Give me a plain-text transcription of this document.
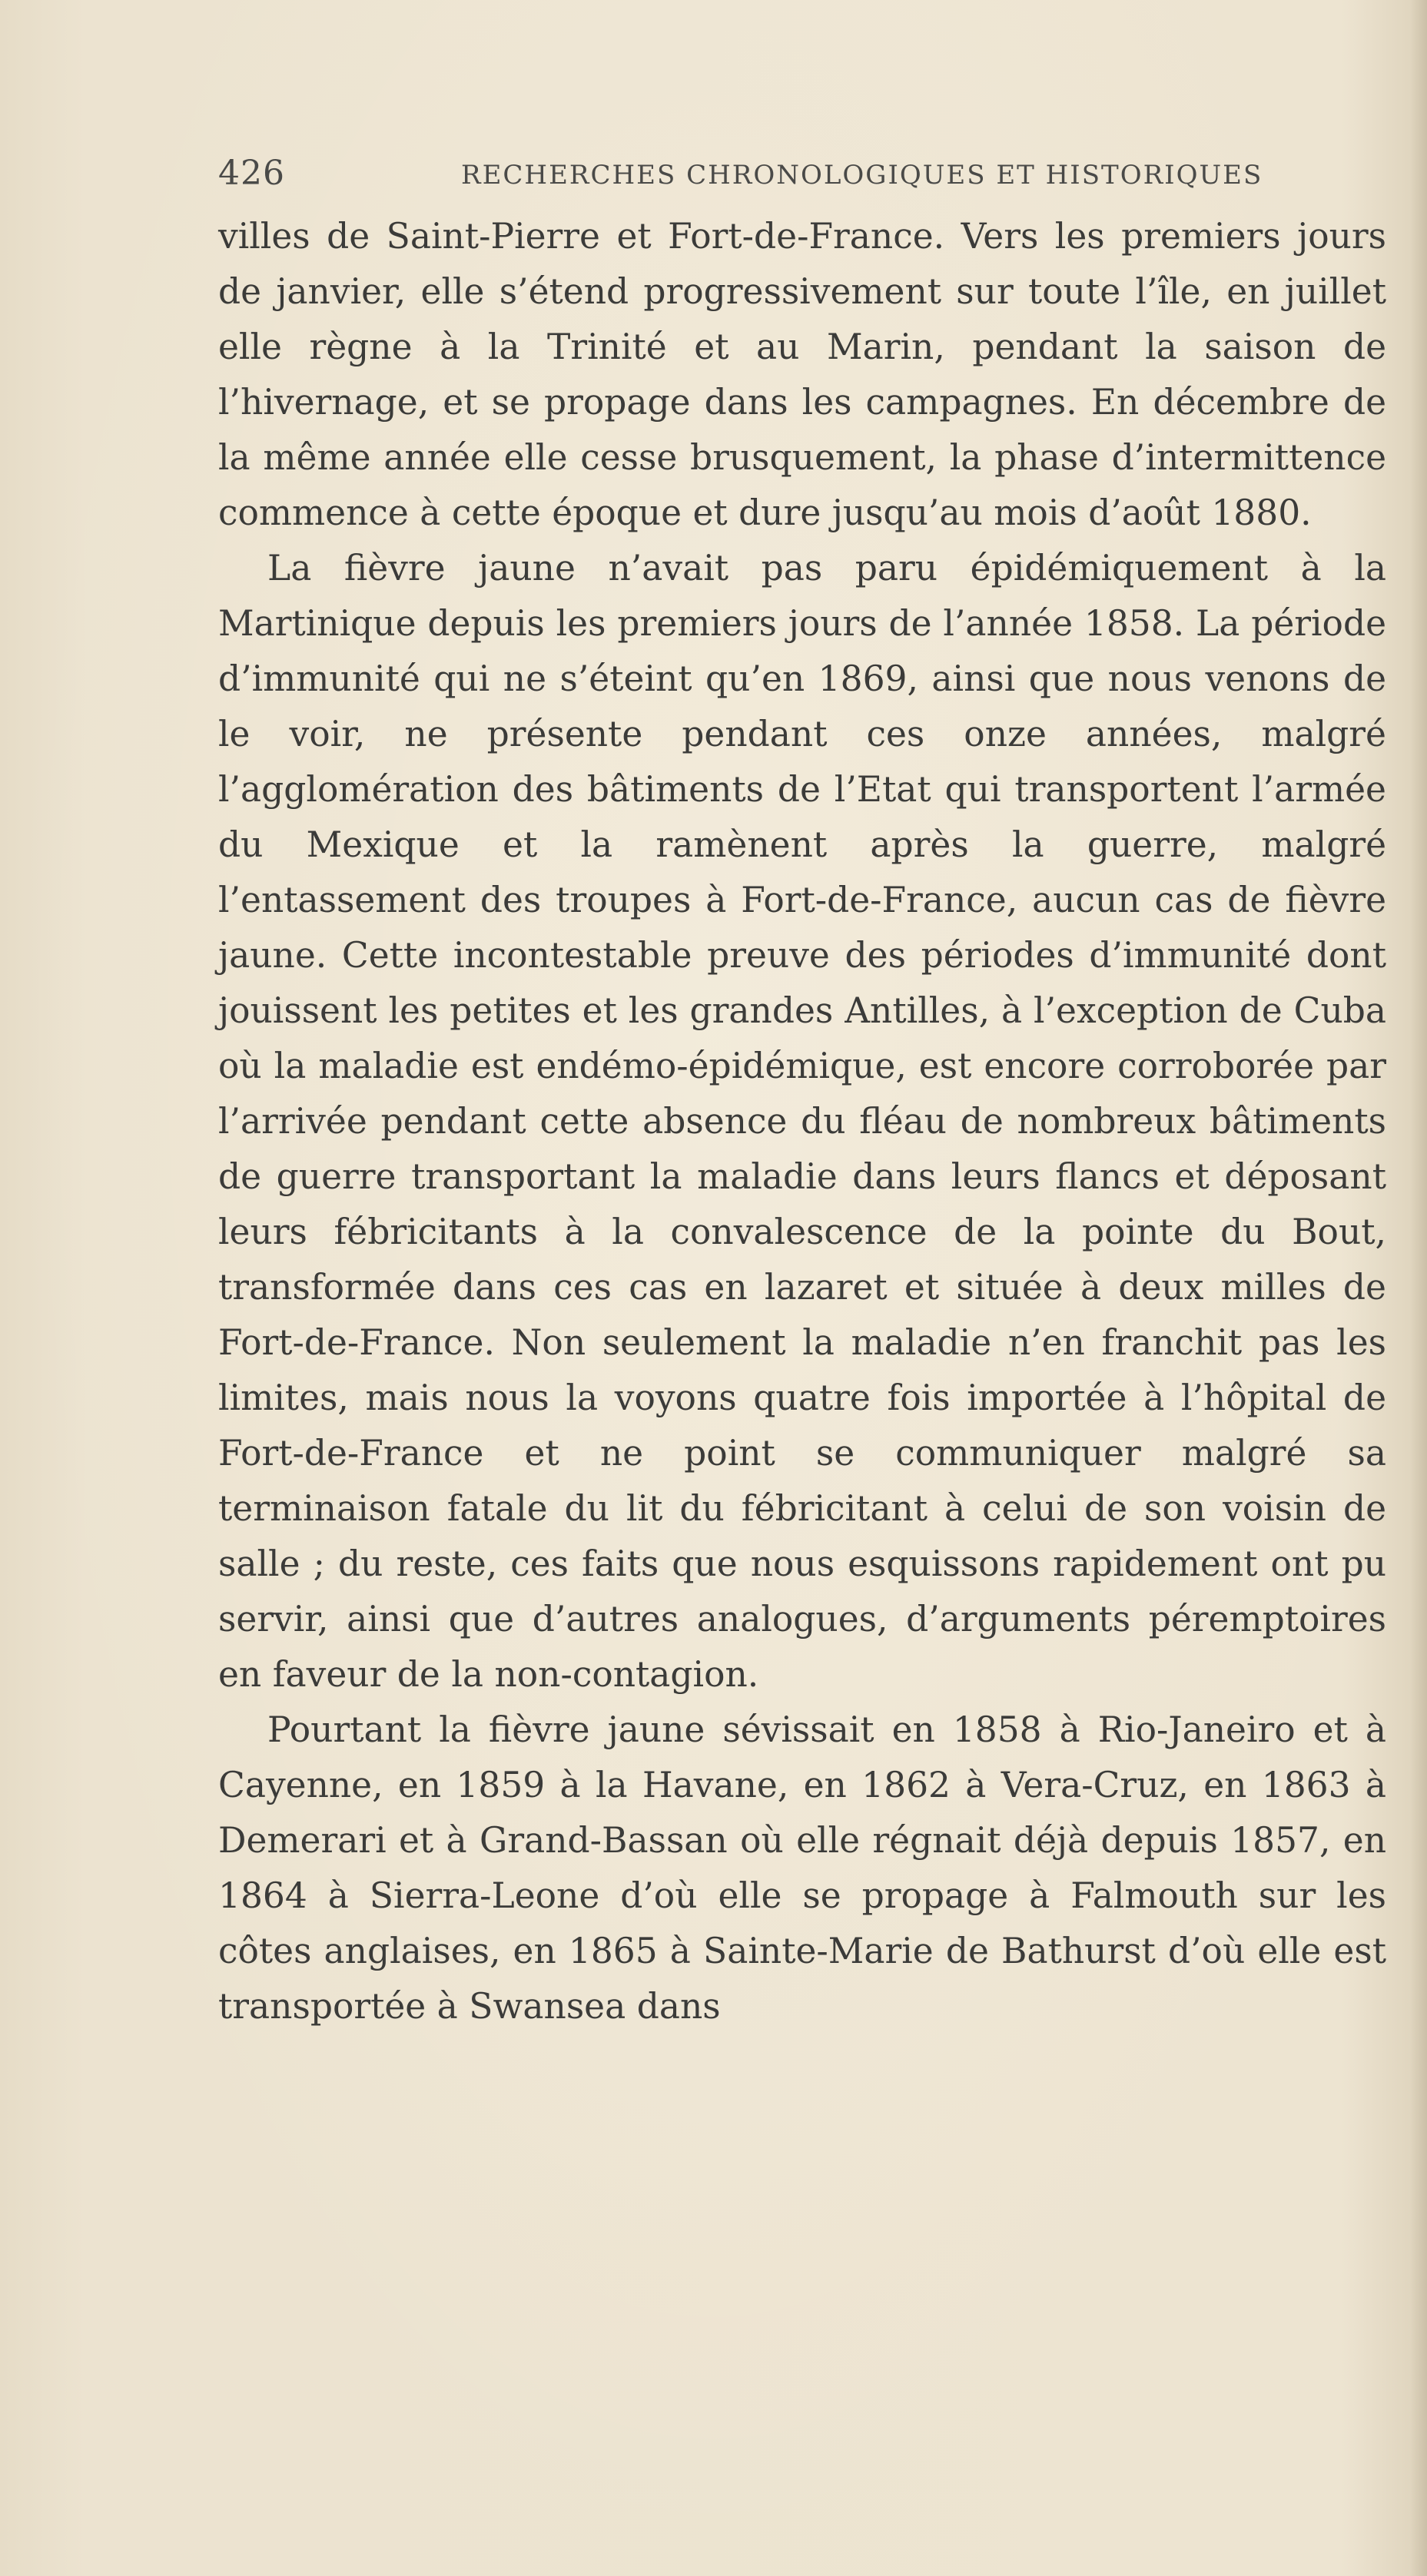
426	RECHERCHES CHRONOLOGIQUES ET HISTORIQUES

villes de Saint-Pierre et Fort-de-France. Vers les premiers jours de janvier, elle s’étend progressivement sur toute l’île, en juillet elle règne à la Trinité et au Marin, pendant la saison de l’hivernage, et se propage dans les campagnes. En décembre de la même année elle cesse brusquement, la phase d’intermittence commence à cette époque et dure jusqu’au mois d’août 1880.

La fièvre jaune n’avait pas paru épidémiquement à la Martinique depuis les premiers jours de l’année 1858. La période d’immunité qui ne s’éteint qu’en 1869, ainsi que nous venons de le voir, ne présente pendant ces onze années, malgré l’agglomération des bâtiments de l’Etat qui transportent l’armée du Mexique et la ramènent après la guerre, malgré l’entassement des troupes à Fort-de-France, aucun cas de fièvre jaune. Cette incontestable preuve des périodes d’immunité dont jouissent les petites et les grandes Antilles, à l’exception de Cuba où la maladie est endémo-épidémique, est encore corroborée par l’arrivée pendant cette absence du fléau de nombreux bâtiments de guerre transportant la maladie dans leurs flancs et déposant leurs fébricitants à la convalescence de la pointe du Bout, transformée dans ces cas en lazaret et située à deux milles de Fort-de-France. Non seulement la maladie n’en franchit pas les limites, mais nous la voyons quatre fois importée à l’hôpital de Fort-de-France et ne point se communiquer malgré sa terminaison fatale du lit du fébricitant à celui de son voisin de salle ; du reste, ces faits que nous esquissons rapidement ont pu servir, ainsi que d’autres analogues, d’arguments péremptoires en faveur de la non-contagion.

Pourtant la fièvre jaune sévissait en 1858 à Rio-Janeiro et à Cayenne, en 1859 à la Havane, en 1862 à Vera-Cruz, en 1863 à Demerari et à Grand-Bassan où elle régnait déjà depuis 1857, en 1864 à Sierra-Leone d’où elle se propage à Falmouth sur les côtes anglaises, en 1865 à Sainte-Marie de Bathurst d’où elle est transportée à Swansea dans
